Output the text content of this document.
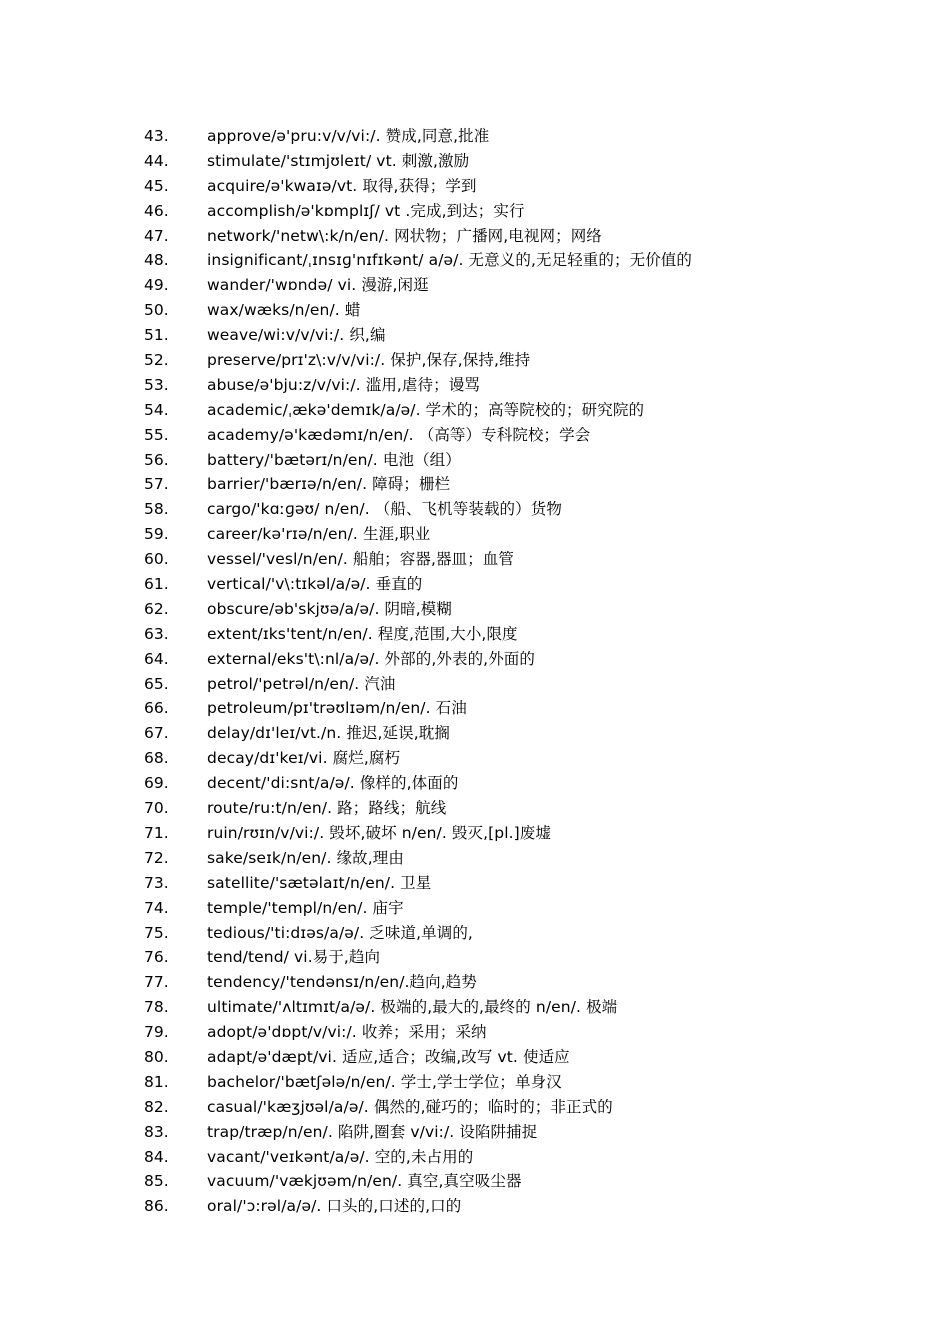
43.	approve/ə'pru:v/v/vi:/. 赞成,同意,批准
44.	stimulate/'stɪmjʊleɪt/ vt. 刺激,激励
45.	acquire/ə'kwaɪə/vt. 取得,获得；学到
46.	accomplish/ə'kɒmplɪʃ/ vt .完成,到达；实行
47.	network/'netw\:k/n/en/. 网状物；广播网,电视网；网络
48.	insignificant/ˌɪnsɪɡ'nɪfɪkənt/ a/ə/. 无意义的,无足轻重的；无价值的
49.	wander/'wɒndə/ vi. 漫游,闲逛
50.	wax/wæks/n/en/. 蜡
51.	weave/wi:v/v/vi:/. 织,编
52.	preserve/prɪ'z\:v/v/vi:/. 保护,保存,保持,维持
53.	abuse/ə'bju:z/v/vi:/. 滥用,虐待；谩骂
54.	academic/ˌækə'demɪk/a/ə/. 学术的；高等院校的；研究院的
55.	academy/ə'kædəmɪ/n/en/. （高等）专科院校；学会
56.	battery/'bætərɪ/n/en/. 电池（组）
57.	barrier/'bærɪə/n/en/. 障碍；栅栏
58.	cargo/'kɑːɡəʊ/ n/en/. （船、飞机等装载的）货物
59.	career/kə'rɪə/n/en/. 生涯,职业
60.	vessel/'vesl/n/en/. 船舶；容器,器皿；血管
61.	vertical/'v\:tɪkəl/a/ə/. 垂直的
62.	obscure/əb'skjʊə/a/ə/. 阴暗,模糊
63.	extent/ɪks'tent/n/en/. 程度,范围,大小,限度
64.	external/eks't\:nl/a/ə/. 外部的,外表的,外面的
65.	petrol/'petrəl/n/en/. 汽油
66.	petroleum/pɪ'trəʊlɪəm/n/en/. 石油
67.	delay/dɪ'leɪ/vt./n. 推迟,延误,耽搁
68.	decay/dɪ'keɪ/vi. 腐烂,腐朽
69.	decent/'di:snt/a/ə/. 像样的,体面的
70.	route/ru:t/n/en/. 路；路线；航线
71.	ruin/rʊɪn/v/vi:/. 毁坏,破坏 n/en/. 毁灭,[pl.]废墟
72.	sake/seɪk/n/en/. 缘故,理由
73.	satellite/'sætəlaɪt/n/en/. 卫星
74.	temple/'templ/n/en/. 庙宇
75.	tedious/'ti:dɪəs/a/ə/. 乏味道,单调的,
76.	tend/tend/ vi.易于,趋向
77.	tendency/'tendənsɪ/n/en/.趋向,趋势
78.	ultimate/'ʌltɪmɪt/a/ə/. 极端的,最大的,最终的 n/en/. 极端
79.	adopt/ə'dɒpt/v/vi:/. 收养；采用；采纳
80.	adapt/ə'dæpt/vi. 适应,适合；改编,改写 vt. 使适应
81.	bachelor/'bætʃələ/n/en/. 学士,学士学位；单身汉
82.	casual/'kæʒjʊəl/a/ə/. 偶然的,碰巧的；临时的；非正式的
83.	trap/træp/n/en/. 陷阱,圈套 v/vi:/. 设陷阱捕捉
84.	vacant/'veɪkənt/a/ə/. 空的,未占用的
85.	vacuum/'vækjʊəm/n/en/. 真空,真空吸尘器
86.	oral/'ɔ:rəl/a/ə/. 口头的,口述的,口的
